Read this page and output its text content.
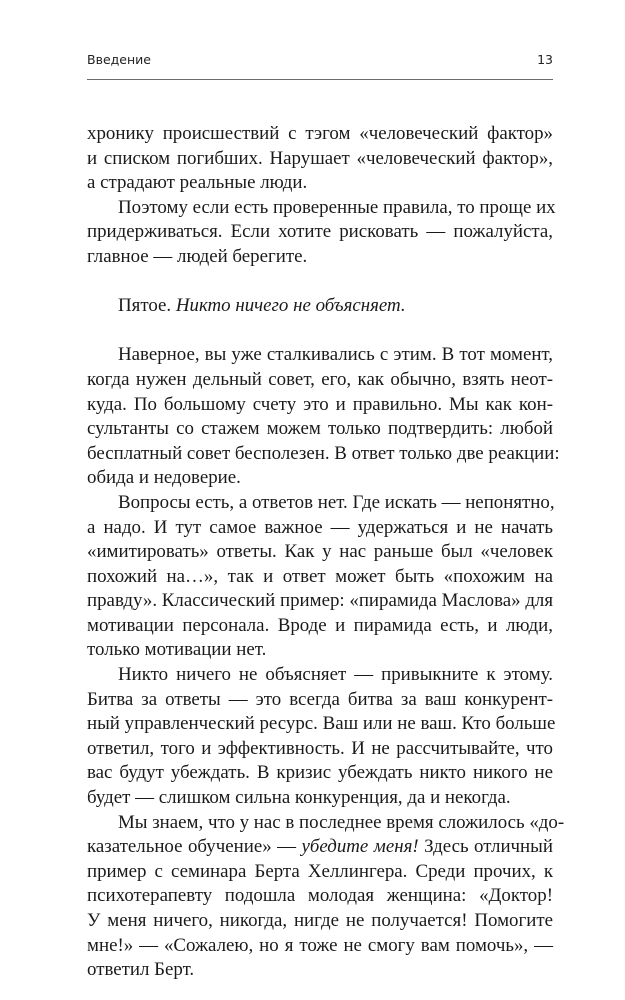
Введение	13
хронику происшествий с тэгом «человеческий фактор»
и списком погибших. Нарушает «человеческий фактор»,
а страдают реальные люди.
Поэтому если есть проверенные правила, то проще их
придерживаться. Если хотите рисковать — пожалуйста,
главное — людей берегите.
Пятое. Никто ничего не объясняет.
Наверное, вы уже сталкивались с этим. В тот момент,
когда нужен дельный совет, его, как обычно, взять неот-
куда. По большому счету это и правильно. Мы как кон-
сультанты со стажем можем только подтвердить: любой
бесплатный совет бесполезен. В ответ только две реакции:
обида и недоверие.
Вопросы есть, а ответов нет. Где искать — непонятно,
а надо. И тут самое важное — удержаться и не начать
«имитировать» ответы. Как у нас раньше был «человек
похожий на…», так и ответ может быть «похожим на
правду». Классический пример: «пирамида Маслова» для
мотивации персонала. Вроде и пирамида есть, и люди,
только мотивации нет.
Никто ничего не объясняет — привыкните к этому.
Битва за ответы — это всегда битва за ваш конкурент-
ный управленческий ресурс. Ваш или не ваш. Кто больше
ответил, того и эффективность. И не рассчитывайте, что
вас будут убеждать. В кризис убеждать никто никого не
будет — слишком сильна конкуренция, да и некогда.
Мы знаем, что у нас в последнее время сложилось «до-
казательное обучение» — убедите меня! Здесь отличный
пример с семинара Берта Хеллингера. Среди прочих, к
психотерапевту подошла молодая женщина: «Доктор!
У меня ничего, никогда, нигде не получается! Помогите
мне!» — «Сожалею, но я тоже не смогу вам помочь», —
ответил Берт.
